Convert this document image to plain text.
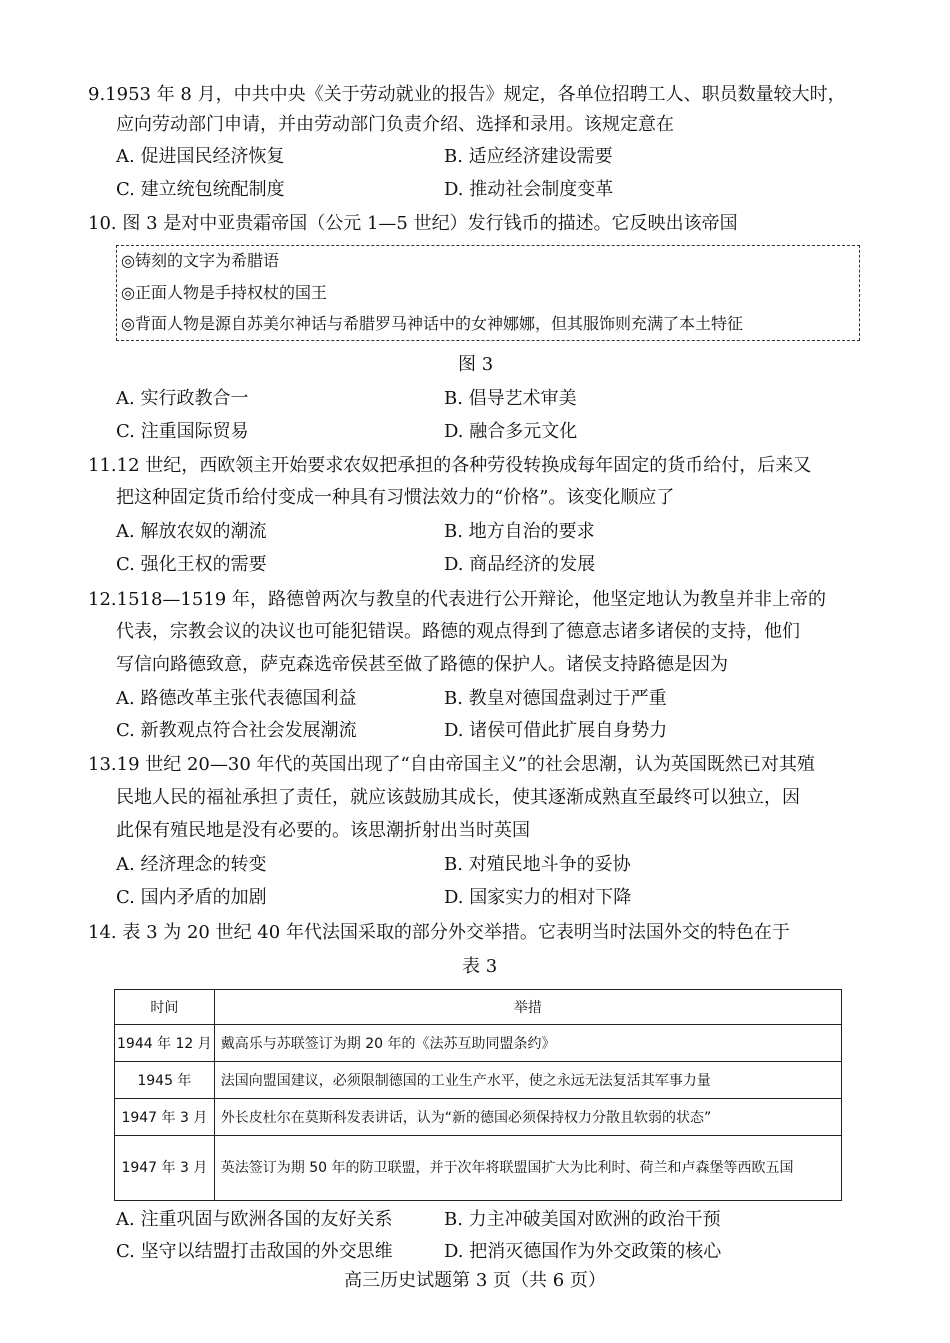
9.1953 年 8 月，中共中央《关于劳动就业的报告》规定，各单位招聘工人、职员数量较大时，
应向劳动部门申请，并由劳动部门负责介绍、选择和录用。该规定意在
A. 促进国民经济恢复	B. 适应经济建设需要
C. 建立统包统配制度	D. 推动社会制度变革
10. 图 3 是对中亚贵霜帝国（公元 1—5 世纪）发行钱币的描述。它反映出该帝国
◎铸刻的文字为希腊语
◎正面人物是手持权杖的国王
◎背面人物是源自苏美尔神话与希腊罗马神话中的女神娜娜，但其服饰则充满了本土特征
图 3
A. 实行政教合一	B. 倡导艺术审美
C. 注重国际贸易	D. 融合多元文化
11.12 世纪，西欧领主开始要求农奴把承担的各种劳役转换成每年固定的货币给付，后来又
把这种固定货币给付变成一种具有习惯法效力的“价格”。该变化顺应了
A. 解放农奴的潮流	B. 地方自治的要求
C. 强化王权的需要	D. 商品经济的发展
12.1518—1519 年，路德曾两次与教皇的代表进行公开辩论，他坚定地认为教皇并非上帝的
代表，宗教会议的决议也可能犯错误。路德的观点得到了德意志诸多诸侯的支持，他们
写信向路德致意，萨克森选帝侯甚至做了路德的保护人。诸侯支持路德是因为
A. 路德改革主张代表德国利益	B. 教皇对德国盘剥过于严重
C. 新教观点符合社会发展潮流	D. 诸侯可借此扩展自身势力
13.19 世纪 20—30 年代的英国出现了“自由帝国主义”的社会思潮，认为英国既然已对其殖
民地人民的福祉承担了责任，就应该鼓励其成长，使其逐渐成熟直至最终可以独立，因
此保有殖民地是没有必要的。该思潮折射出当时英国
A. 经济理念的转变	B. 对殖民地斗争的妥协
C. 国内矛盾的加剧	D. 国家实力的相对下降
14. 表 3 为 20 世纪 40 年代法国采取的部分外交举措。它表明当时法国外交的特色在于
表 3
时间	举措
1944 年 12 月	戴高乐与苏联签订为期 20 年的《法苏互助同盟条约》
1945 年	法国向盟国建议，必须限制德国的工业生产水平，使之永远无法复活其军事力量
1947 年 3 月	外长皮杜尔在莫斯科发表讲话，认为“新的德国必须保持权力分散且软弱的状态”
1947 年 3 月	英法签订为期 50 年的防卫联盟，并于次年将联盟国扩大为比利时、荷兰和卢森堡等西欧五国
A. 注重巩固与欧洲各国的友好关系	B. 力主冲破美国对欧洲的政治干预
C. 坚守以结盟打击敌国的外交思维	D. 把消灭德国作为外交政策的核心
高三历史试题第 3 页（共 6 页）
